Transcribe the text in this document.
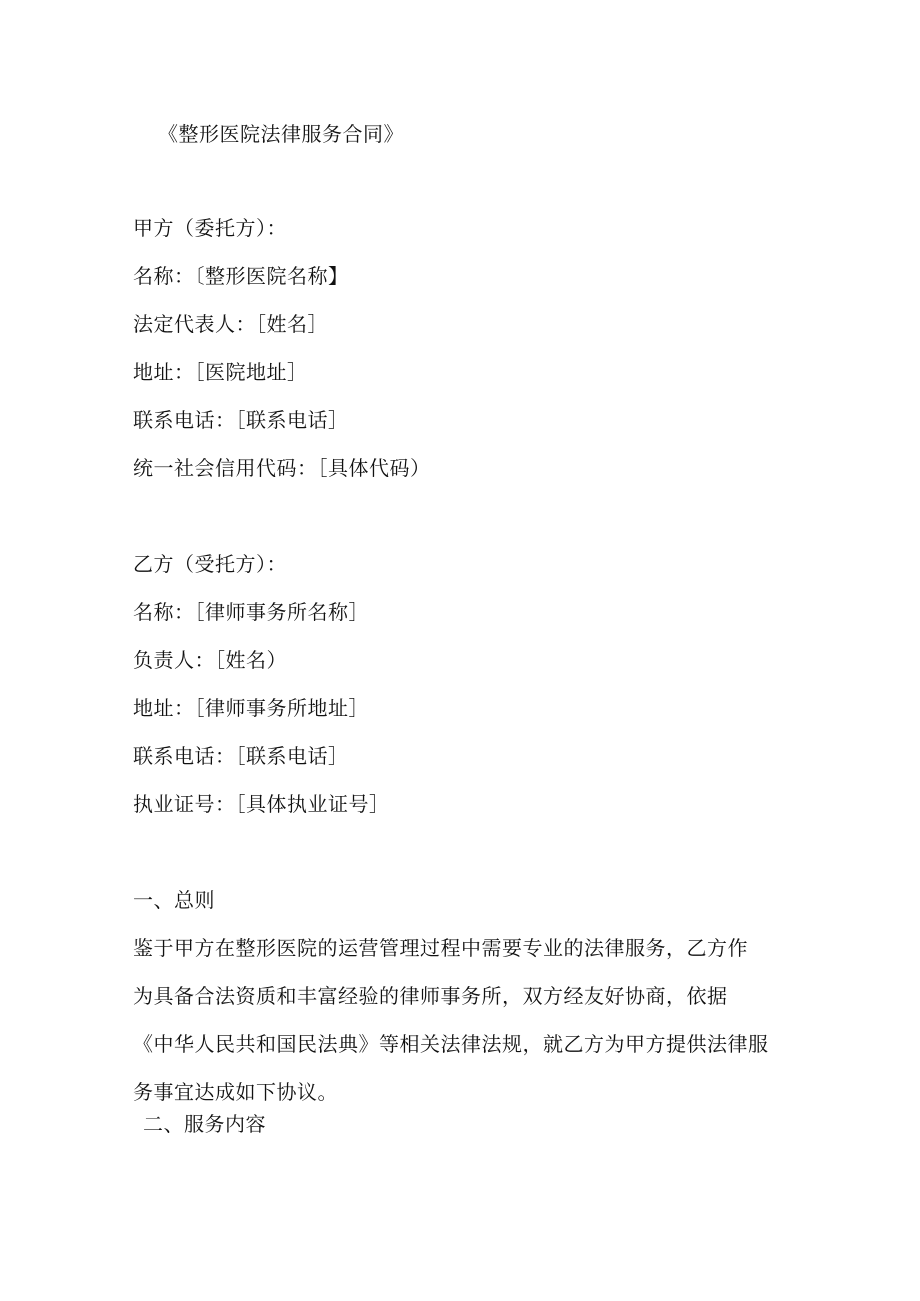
《整形医院法律服务合同》
甲方（委托方）：
名称：〔整形医院名称】
法定代表人：［姓名］
地址：［医院地址］
联系电话：［联系电话］
统一社会信用代码：［具体代码）
乙方（受托方）：
名称：［律师事务所名称］
负责人：［姓名）
地址：［律师事务所地址］
联系电话：［联系电话］
执业证号：［具体执业证号］
一、总则
鉴于甲方在整形医院的运营管理过程中需要专业的法律服务，乙方作
为具备合法资质和丰富经验的律师事务所，双方经友好协商，依据
《中华人民共和国民法典》等相关法律法规，就乙方为甲方提供法律服
务事宜达成如下协议。
二、服务内容
